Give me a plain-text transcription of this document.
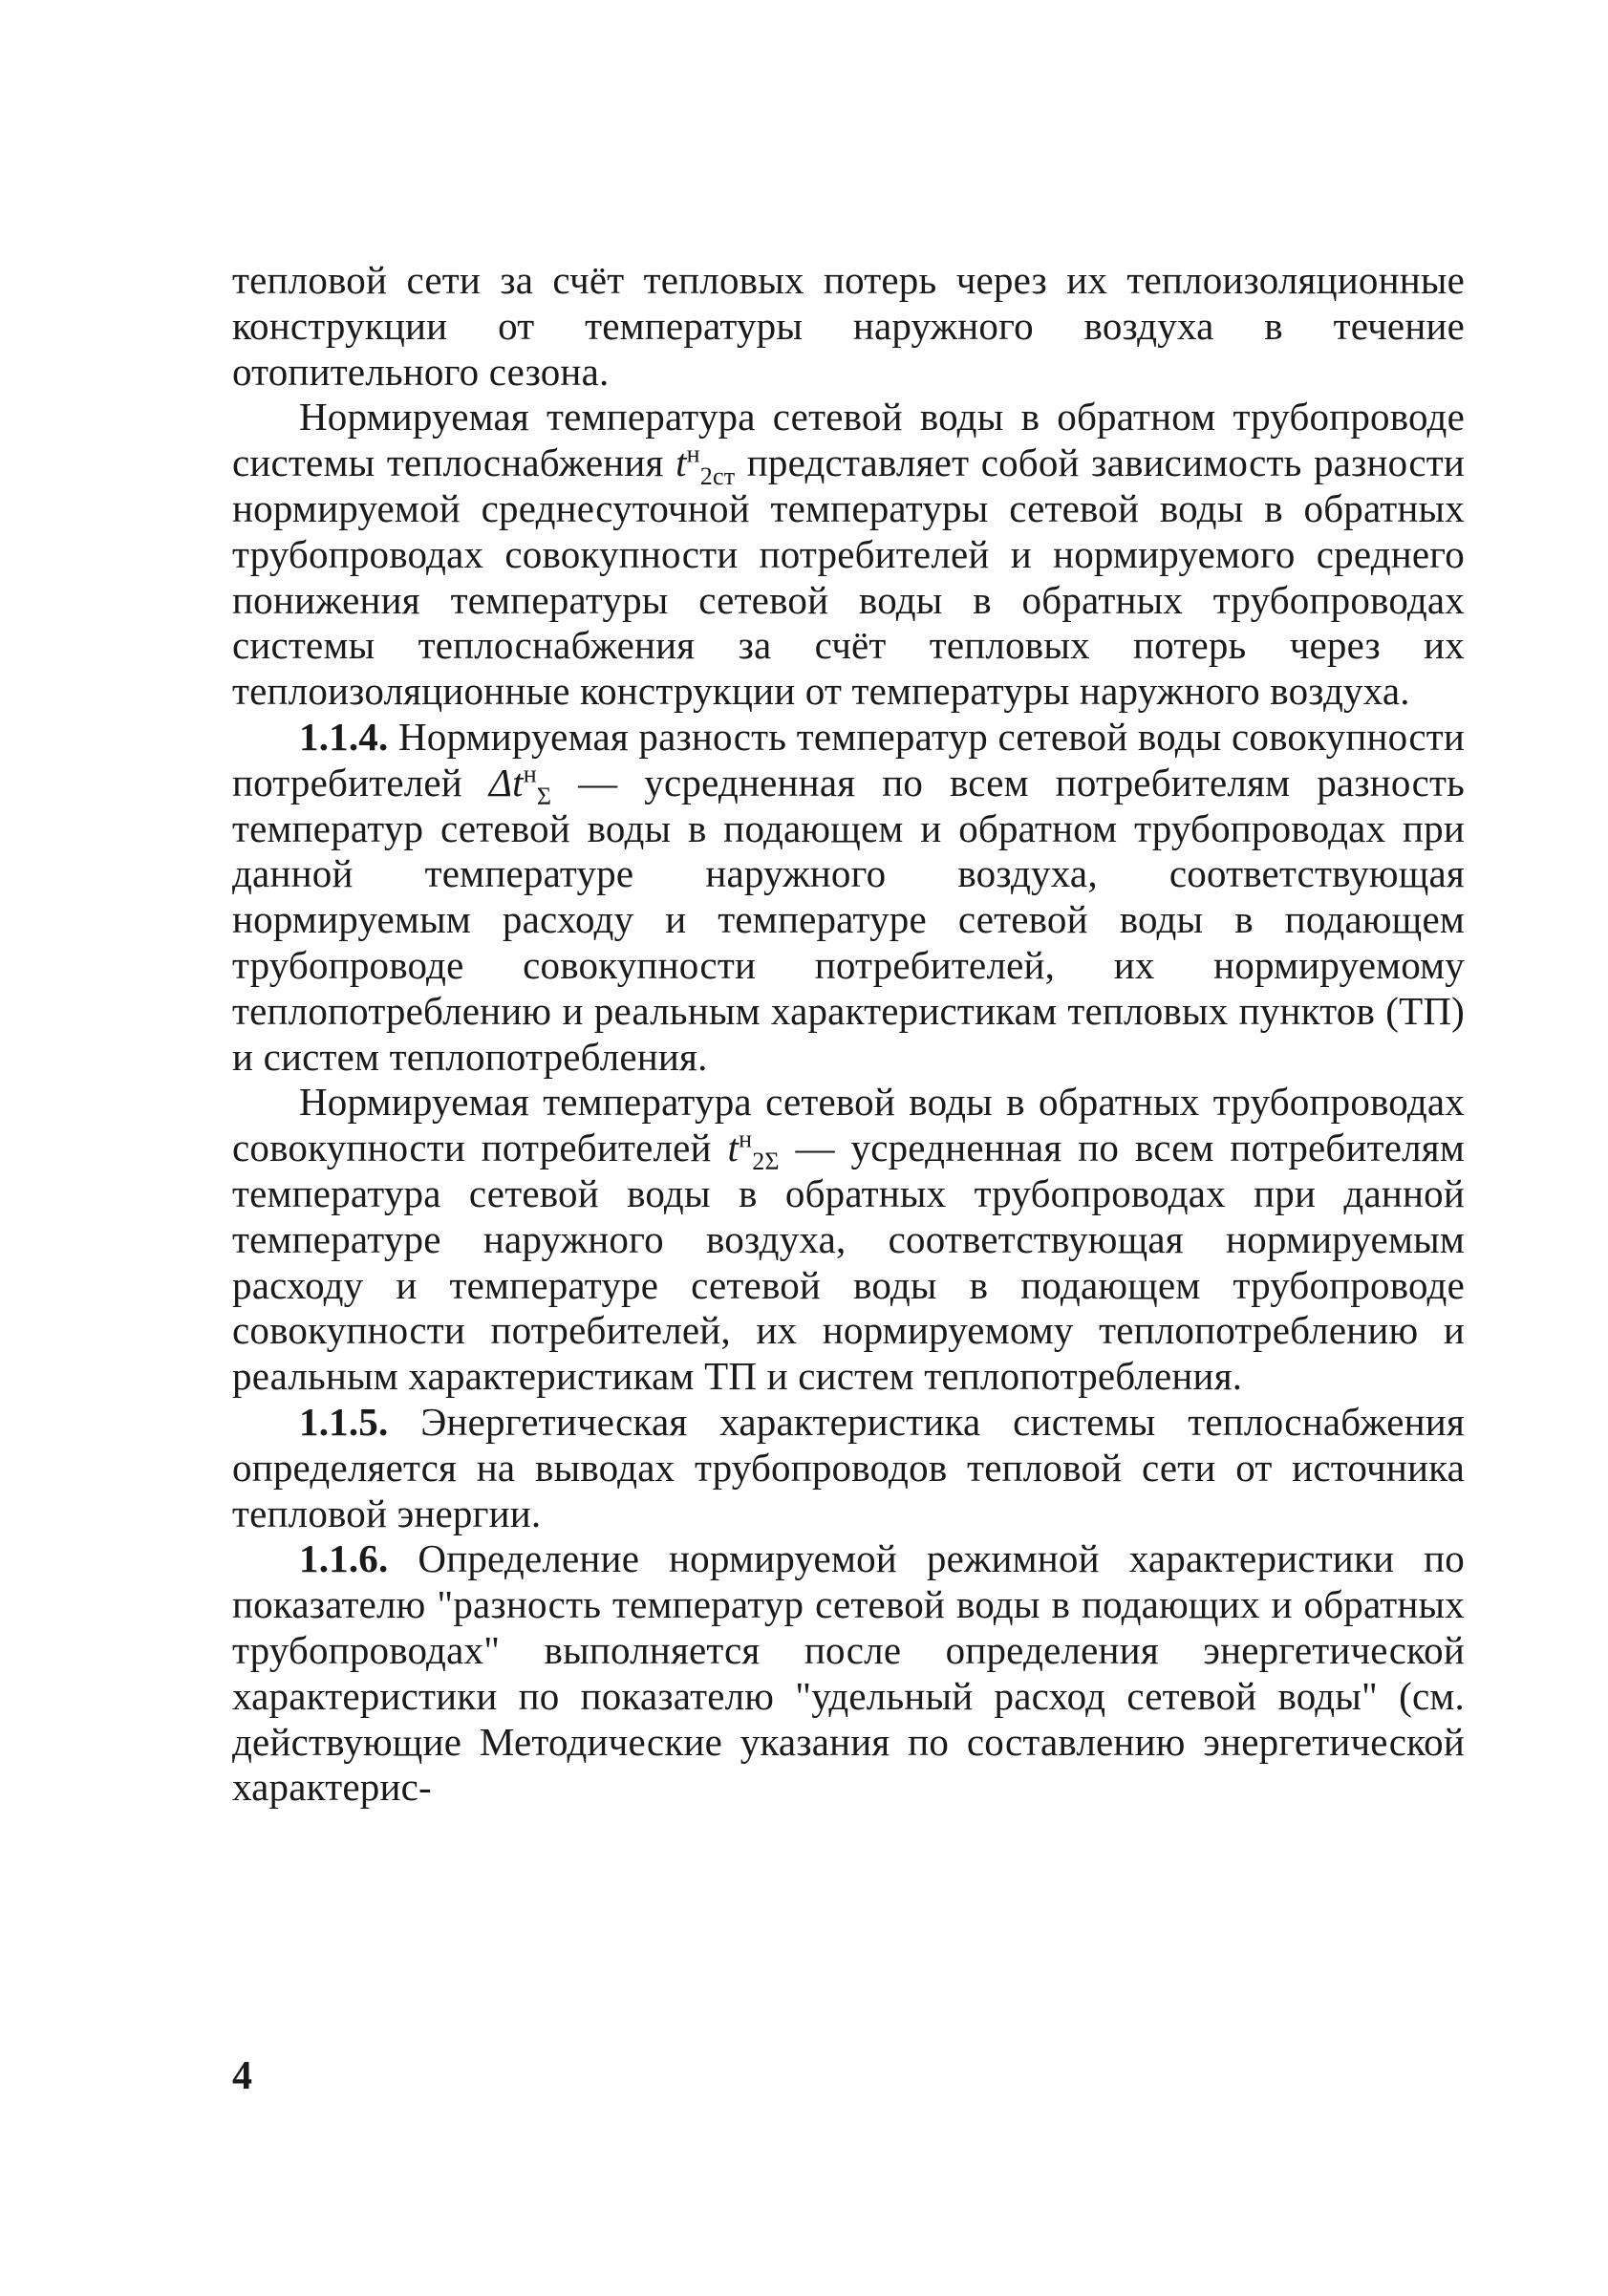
тепловой сети за счёт тепловых потерь через их теплоизоляционные конструкции от температуры наружного воздуха в течение отопительного сезона.

Нормируемая температура сетевой воды в обратном трубопроводе системы теплоснабжения $t^н_{2ст}$ представляет собой зависимость разности нормируемой среднесуточной температуры сетевой воды в обратных трубопроводах совокупности потребителей и нормируемого среднего понижения температуры сетевой воды в обратных трубопроводах системы теплоснабжения за счёт тепловых потерь через их теплоизоляционные конструкции от температуры наружного воздуха.

1.1.4. Нормируемая разность температур сетевой воды совокупности потребителей $\Delta t^н_\Sigma$ — усредненная по всем потребителям разность температур сетевой воды в подающем и обратном трубопроводах при данной температуре наружного воздуха, соответствующая нормируемым расходу и температуре сетевой воды в подающем трубопроводе совокупности потребителей, их нормируемому теплопотреблению и реальным характеристикам тепловых пунктов (ТП) и систем теплопотребления.

Нормируемая температура сетевой воды в обратных трубопроводах совокупности потребителей $t^н_{2\Sigma}$ — усредненная по всем потребителям температура сетевой воды в обратных трубопроводах при данной температуре наружного воздуха, соответствующая нормируемым расходу и температуре сетевой воды в подающем трубопроводе совокупности потребителей, их нормируемому теплопотреблению и реальным характеристикам ТП и систем теплопотребления.

1.1.5. Энергетическая характеристика системы теплоснабжения определяется на выводах трубопроводов тепловой сети от источника тепловой энергии.

1.1.6. Определение нормируемой режимной характеристики по показателю "разность температур сетевой воды в подающих и обратных трубопроводах" выполняется после определения энергетической характеристики по показателю "удельный расход сетевой воды" (см. действующие Методические указания по составлению энергетической характерис-

4
